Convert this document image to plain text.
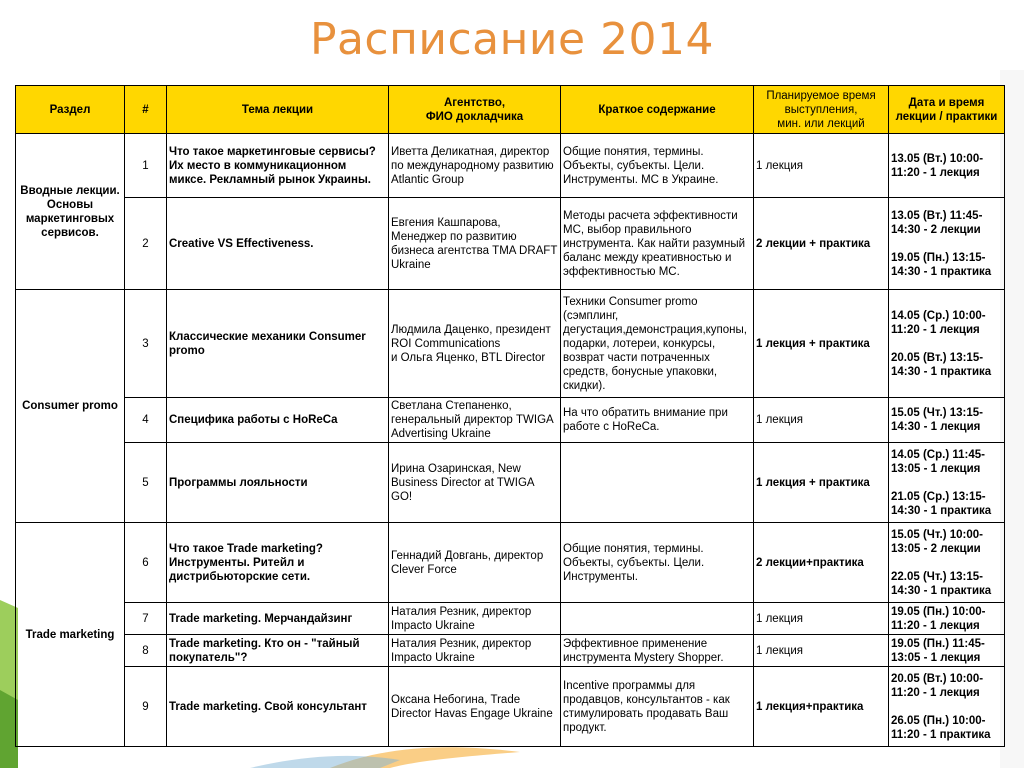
Расписание 2014
Раздел	#	Тема лекции	Агентство,
ФИО докладчика	Краткое содержание	Планируемое время
выступления,
мин. или лекций	Дата и время
лекции / практики
Вводные лекции. Основы маркетинговых сервисов.	1	Что такое маркетинговые сервисы? Их место в коммуникационном миксе. Рекламный рынок Украины.	Иветта Деликатная, директор по международному развитию Atlantic Group	Общие понятия, термины. Объекты, субъекты. Цели. Инструменты. МС в Украине.	1 лекция	13.05 (Вт.) 10:00-
11:20 - 1 лекция
	2	Creative VS Effectiveness.	Евгения Кашпарова, Менеджер по развитию бизнеса агентства TMA DRAFT Ukraine	Методы расчета эффективности МС, выбор правильного инструмента. Как найти разумный баланс между креативностью и эффективностью МС.	2 лекции + практика	13.05 (Вт.) 11:45-
14:30 - 2 лекции

19.05 (Пн.) 13:15-
14:30 - 1 практика
Consumer promo	3	Классические механики Consumer promo	Людмила Даценко, президент ROI Communications
и Ольга Яценко, BTL Director	Техники Consumer promo (сэмплинг, дегустация,демонстрация,купоны, подарки, лотереи, конкурсы, возврат части потраченных средств, бонусные упаковки, скидки).	1 лекция + практика	14.05 (Ср.) 10:00-
11:20 - 1 лекция

20.05 (Вт.) 13:15-
14:30 - 1 практика
	4	Специфика работы с HoReCa	Светлана Степаненко, генеральный директор TWIGA Advertising Ukraine	На что обратить внимание при работе с HoReCa.	1 лекция	15.05 (Чт.) 13:15-
14:30 - 1 лекция
	5	Программы лояльности	Ирина Озаринская, New Business Director at TWIGA GO!		1 лекция + практика	14.05 (Ср.) 11:45-
13:05 - 1 лекция

21.05 (Ср.) 13:15-
14:30 - 1 практика
Trade marketing	6	Что такое Trade marketing? Инструменты. Ритейл и дистрибьюторские сети.	Геннадий Довгань, директор Clever Force	Общие понятия, термины. Объекты, субъекты. Цели. Инструменты.	2 лекции+практика	15.05 (Чт.) 10:00-
13:05 - 2 лекции

22.05 (Чт.) 13:15-
14:30 - 1 практика
	7	Trade marketing. Мерчандайзинг	Наталия Резник, директор Impacto Ukraine		1 лекция	19.05 (Пн.) 10:00-
11:20 - 1 лекция
	8	Trade marketing. Кто он - "тайный покупатель"?	Наталия Резник, директор Impacto Ukraine	Эффективное применение инструмента Mystery Shopper.	1 лекция	19.05 (Пн.) 11:45-
13:05 - 1 лекция
	9	Trade marketing. Свой консультант	Оксана Небогина, Trade Director Havas Engage Ukraine	Incentive программы для продавцов, консультантов - как стимулировать продавать Ваш продукт.	1 лекция+практика	20.05 (Вт.) 10:00-
11:20 - 1 лекция

26.05 (Пн.) 10:00-
11:20 - 1 практика
